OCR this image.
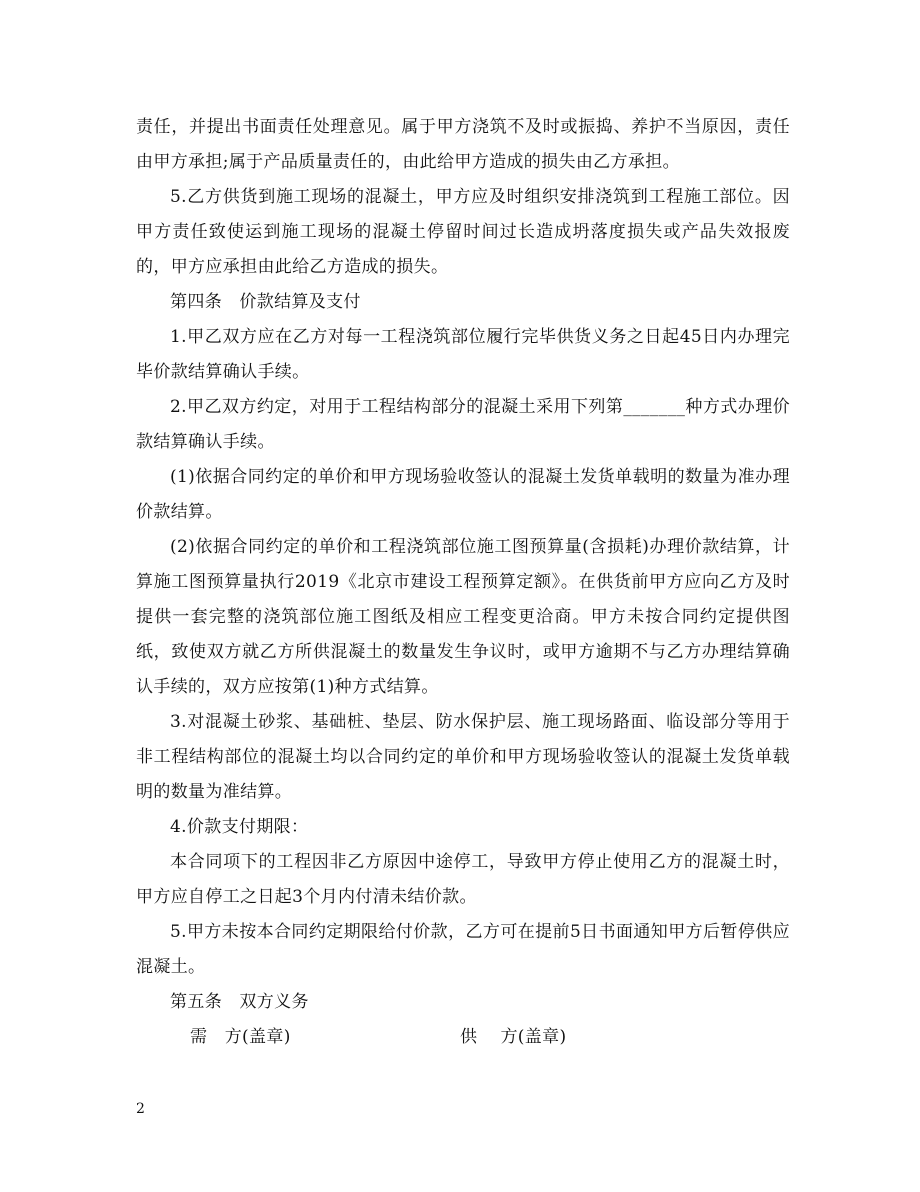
责任，并提出书面责任处理意见。属于甲方浇筑不及时或振捣、养护不当原因，责任由甲方承担;属于产品质量责任的，由此给甲方造成的损失由乙方承担。

5.乙方供货到施工现场的混凝土，甲方应及时组织安排浇筑到工程施工部位。因甲方责任致使运到施工现场的混凝土停留时间过长造成坍落度损失或产品失效报废的，甲方应承担由此给乙方造成的损失。

第四条　价款结算及支付

1.甲乙双方应在乙方对每一工程浇筑部位履行完毕供货义务之日起45日内办理完毕价款结算确认手续。

2.甲乙双方约定，对用于工程结构部分的混凝土采用下列第_______种方式办理价款结算确认手续。

(1)依据合同约定的单价和甲方现场验收签认的混凝土发货单载明的数量为准办理价款结算。

(2)依据合同约定的单价和工程浇筑部位施工图预算量(含损耗)办理价款结算，计算施工图预算量执行2019《北京市建设工程预算定额》。在供货前甲方应向乙方及时提供一套完整的浇筑部位施工图纸及相应工程变更洽商。甲方未按合同约定提供图纸，致使双方就乙方所供混凝土的数量发生争议时，或甲方逾期不与乙方办理结算确认手续的，双方应按第(1)种方式结算。

3.对混凝土砂浆、基础桩、垫层、防水保护层、施工现场路面、临设部分等用于非工程结构部位的混凝土均以合同约定的单价和甲方现场验收签认的混凝土发货单载明的数量为准结算。

4.价款支付期限：

本合同项下的工程因非乙方原因中途停工，导致甲方停止使用乙方的混凝土时，甲方应自停工之日起3个月内付清未结价款。

5.甲方未按本合同约定期限给付价款，乙方可在提前5日书面通知甲方后暂停供应混凝土。

第五条　双方义务

需　方(盖章)

	供　 方(盖章)

2
